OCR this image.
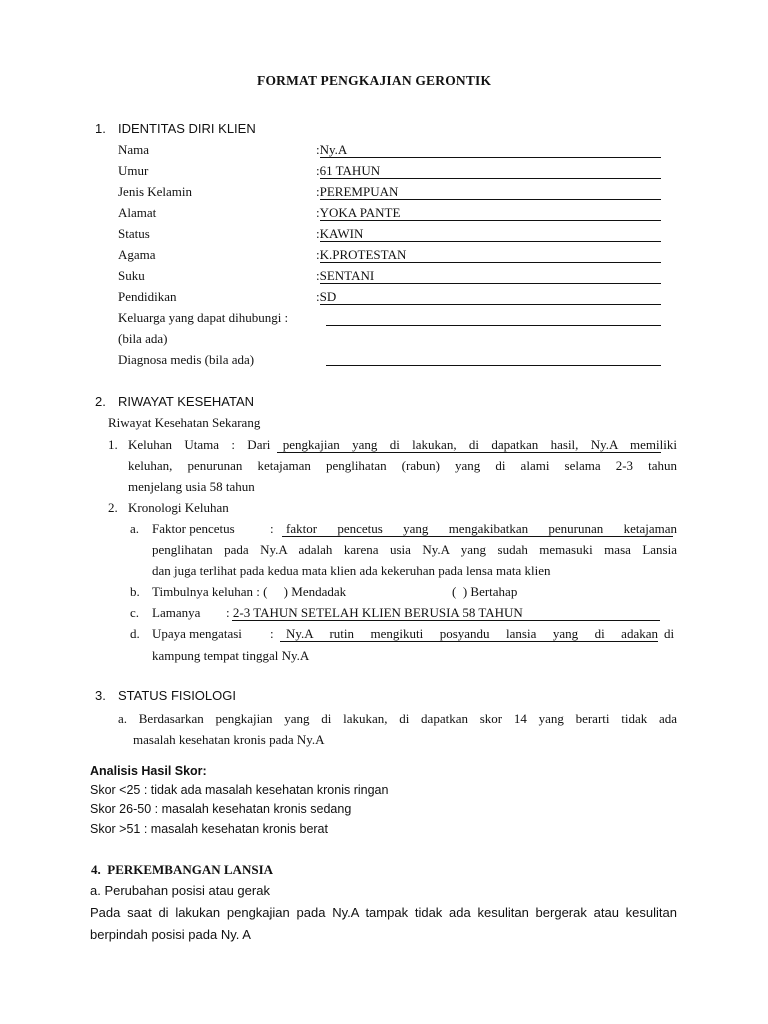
FORMAT PENGKAJIAN GERONTIK
1. IDENTITAS DIRI KLIEN
Nama	:Ny.A
Umur	:61 TAHUN
Jenis Kelamin	:PEREMPUAN
Alamat	:YOKA PANTE
Status	:KAWIN
Agama	:K.PROTESTAN
Suku	:SENTANI
Pendidikan	:SD
Keluarga yang dapat dihubungi :
(bila ada)
Diagnosa medis (bila ada)
2. RIWAYAT KESEHATAN
Riwayat Kesehatan Sekarang
1. Keluhan Utama : Dari pengkajian yang di lakukan, di dapatkan hasil, Ny.A memiliki
keluhan, penurunan ketajaman penglihatan (rabun) yang di alami selama 2-3 tahun
menjelang usia 58 tahun
2. Kronologi Keluhan
a. Faktor pencetus	: faktor pencetus yang mengakibatkan penurunan ketajaman
penglihatan pada Ny.A adalah karena usia Ny.A yang sudah memasuki masa Lansia
dan juga terlihat pada kedua mata klien ada kekeruhan pada lensa mata klien
b. Timbulnya keluhan : (     ) Mendadak	(  ) Bertahap
c. Lamanya : 2-3 TAHUN SETELAH KLIEN BERUSIA 58 TAHUN
d. Upaya mengatasi : Ny.A rutin mengikuti posyandu lansia yang di adakan di
kampung tempat tinggal Ny.A
3. STATUS FISIOLOGI
a. Berdasarkan pengkajian yang di lakukan, di dapatkan skor 14 yang berarti tidak ada
masalah kesehatan kronis pada Ny.A
Analisis Hasil Skor:
Skor <25 : tidak ada masalah kesehatan kronis ringan
Skor 26-50 : masalah kesehatan kronis sedang
Skor >51 : masalah kesehatan kronis berat
4.  PERKEMBANGAN LANSIA
a. Perubahan posisi atau gerak
Pada saat di lakukan pengkajian pada Ny.A tampak tidak ada kesulitan bergerak atau kesulitan
berpindah posisi pada Ny. A
